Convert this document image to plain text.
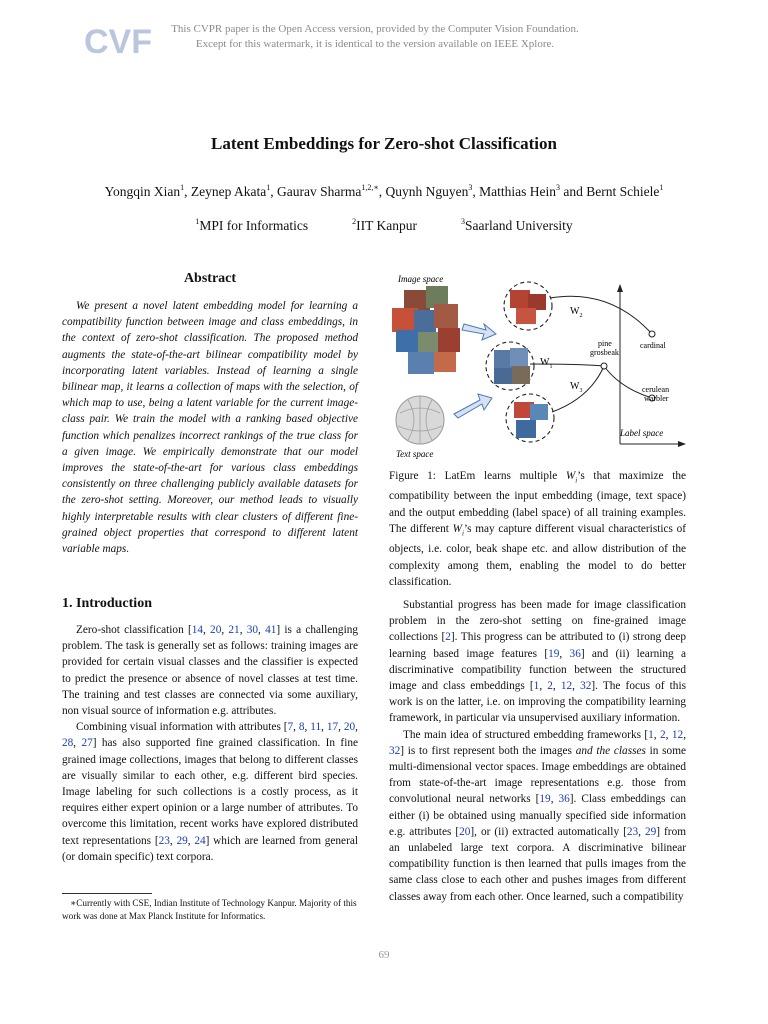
CVF	This CVPR paper is the Open Access version, provided by the Computer Vision Foundation.
Except for this watermark, it is identical to the version available on IEEE Xplore.
Latent Embeddings for Zero-shot Classification
Yongqin Xian$^1$, Zeynep Akata$^1$, Gaurav Sharma$^{1,2,∗}$, Quynh Nguyen$^3$, Matthias Hein$^3$ and Bernt Schiele$^1$
$^1$MPI for Informatics	$^2$IIT Kanpur	$^3$Saarland University
Abstract
We present a novel latent embedding model for learning a compatibility function between image and class embeddings, in the context of zero-shot classification. The proposed method augments the state-of-the-art bilinear compatibility model by incorporating latent variables. Instead of learning a single bilinear map, it learns a collection of maps with the selection, of which map to use, being a latent variable for the current image-class pair. We train the model with a ranking based objective function which penalizes incorrect rankings of the true class for a given image. We empirically demonstrate that our model improves the state-of-the-art for various class embeddings consistently on three challenging publicly available datasets for the zero-shot setting. Moreover, our method leads to visually highly interpretable results with clear clusters of different fine-grained object properties that correspond to different latent variable maps.
Image space
Text space
$W_2$
$W_1$
$W_3$
pine
grosbeak
cardinal
cerulean
warbler
Label space
Figure 1: LatEm learns multiple $W_i’s$ that maximize the compatibility between the input embedding (image, text space) and the output embedding (label space) of all training examples. The different $W_i’s$ may capture different visual characteristics of objects, i.e. color, beak shape etc. and allow distribution of the complexity among them, enabling the model to do better classification.
1. Introduction

Zero-shot classification [14, 20, 21, 30, 41] is a challenging problem. The task is generally set as follows: training images are provided for certain visual classes and the classifier is expected to predict the presence or absence of novel classes at test time. The training and test classes are connected via some auxiliary, non visual source of information e.g. attributes.

Combining visual information with attributes [7, 8, 11, 17, 20, 28, 27] has also supported fine grained classification. In fine grained image collections, images that belong to different classes are visually similar to each other, e.g. different bird species. Image labeling for such collections is a costly process, as it requires either expert opinion or a large number of attributes. To overcome this limitation, recent works have explored distributed text representations [23, 29, 24] which are learned from general (or domain specific) text corpora.

∗Currently with CSE, Indian Institute of Technology Kanpur. Majority of this work was done at Max Planck Institute for Informatics.

Substantial progress has been made for image classification problem in the zero-shot setting on fine-grained image collections [2]. This progress can be attributed to (i) strong deep learning based image features [19, 36] and (ii) learning a discriminative compatibility function between the structured image and class embeddings [1, 2, 12, 32]. The focus of this work is on the latter, i.e. on improving the compatibility learning framework, in particular via unsupervised auxiliary information.

The main idea of structured embedding frameworks [1, 2, 12, 32] is to first represent both the images and the classes in some multi-dimensional vector spaces. Image embeddings are obtained from state-of-the-art image representations e.g. those from convolutional neural networks [19, 36]. Class embeddings can either (i) be obtained using manually specified side information e.g. attributes [20], or (ii) extracted automatically [23, 29] from an unlabeled large text corpora. A discriminative bilinear compatibility function is then learned that pulls images from the same class close to each other and pushes images from different classes away from each other. Once learned, such a compatibility

69
